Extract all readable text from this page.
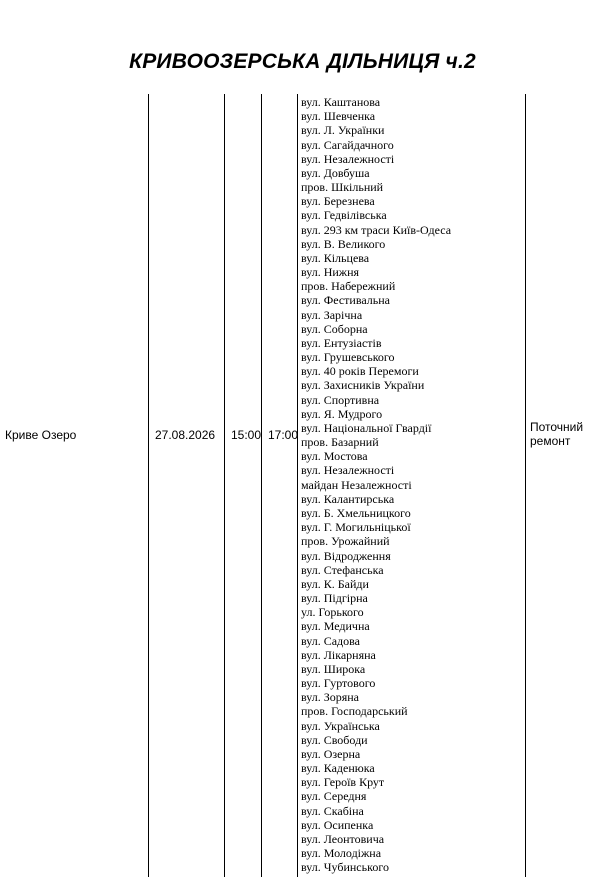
КРИВООЗЕРСЬКА ДІЛЬНИЦЯ ч.2
Криве Озеро	27.08.2026 15:00 17:00
Поточний ремонт
вул. Каштанова
вул. Шевченка
вул. Л. Українки
вул. Сагайдачного
вул. Незалежності
вул. Довбуша
пров. Шкільний
вул. Березнева
вул. Гедвілівська
вул. 293 км траси Київ-Одеса
вул. В. Великого
вул. Кільцева
вул. Нижня
пров. Набережний
вул. Фестивальна
вул. Зарічна
вул. Соборна
вул. Ентузіастів
вул. Грушевського
вул. 40 років Перемоги
вул. Захисників України
вул. Спортивна
вул. Я. Мудрого
вул. Національної Гвардії
пров. Базарний
вул. Мостова
вул. Незалежності
майдан Незалежності
вул. Калантирська
вул. Б. Хмельницкого
вул. Г. Могильніцької
пров. Урожайний
вул. Відродження
вул. Стефанська
вул. К. Байди
вул. Підгірна
ул. Горького
вул. Медична
вул. Садова
вул. Лікарняна
вул. Широка
вул. Гуртового
вул. Зоряна
пров. Господарський
вул. Українська
вул. Свободи
вул. Озерна
вул. Каденюка
вул. Героїв Крут
вул. Середня
вул. Скабіна
вул. Осипенка
вул. Леонтовича
вул. Молодіжна
вул. Чубинського
